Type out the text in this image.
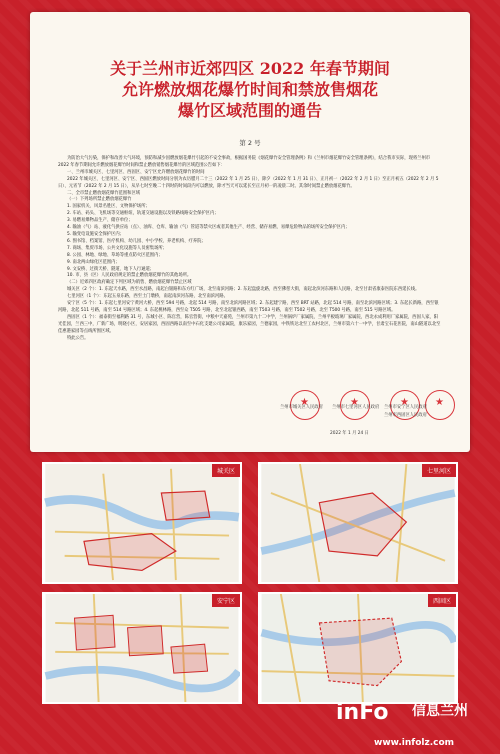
关于兰州市近郊四区 2022 年春节期间
允许燃放烟花爆竹时间和禁放售烟花
爆竹区域范围的通告
第 2 号

为防治大气污染，保护和改善大气环境，预防和减少因燃放烟花爆竹引起的不安全事故，根据国务院《烟花爆竹安全管理条例》和《兰州市烟花爆竹安全管理条例》，结合我市实际，现将兰州市 2022 年春节期间允许燃放烟花爆竹时间和禁止燃放销售烟花爆竹的区域范围公告如下：

一、兰州市城关区、七里河区、西固区、安宁区允许燃放烟花爆竹的时间

2022 年城关区、七里河区、安宁区、西固区燃放时间分别为农历腊月二十三（2022 年 1 月 25 日）、除夕（2022 年 1 月 31 日）、正月初一（2022 年 2 月 1 日）至正月初五（2022 年 2 月 5 日）、元宵节（2022 年 2 月 15 日），从早七时至晚二十四时的时间段内可以燃放，除才当天可以延长至正月初一的凌晨二时。其余时间禁止燃放烟花爆竹。

二、全市禁止燃放烟花爆竹范围和区域

（一）下列场所禁止燃放烟花爆竹

1. 国家机关、风景名胜区、文物保护场所；

2. 车站、码头、飞机场等交通枢纽，轨道交通设施以及铁路线路安全保护区内；

3. 易燃易爆物品生产、储存单位；

4. 输油（气）站、液化气供应站（点）、油库、仓库、输油（气）管道等禁火区或者其他生产、经营、储存易燃、易爆危险物品的场所安全保护区内；

5. 输变电设施安全保护区内；

6. 图书馆、档案馆、医疗机构、幼儿园、中小学校、养老机构、疗养院；

7. 商场、集贸市场、公共文化设施等人员密集场所；

8. 公园、林地、绿地、草场等重点防火区范围内；

9. 南北两山绿化区范围内；

9. 文安桥、过街天桥、隧道、地下人行通道；

10. 市、县（区）人民政府规定的禁止燃放烟花爆竹的其他场所。

（二）近郊四区政府确定下列区域为销售、燃放烟花爆竹禁止区域

城关区（2 个）：1. 东起天水路，西至水昌路，南起白银路和东方红广场，北至南滨河路；2. 东起盘旋北路，西至佛慈大街，南起北滨河东路和人民路，北至甘肃省康泰医院东西延长线。

七里河区（1 个）：东起五泉东路，西至土门墩桥，南起南滨河东路，北至南滨河路。

安宁区（5 个）：1. 东起七里河安宁黄河大桥，西至 594 号路，北起 514 号路，南至北滨河路区域；2. 东起建宁路，西至 BRT 站路，北起 514 号路，南至北滨河路区域；3. 东起长新路，西至银河路，北起 511 号路，南至 514 号路区域；4. 东起桃林路，西至众 T505 号路，北至北起银西路，南至 T503 号路，南至 T502 号路，北至 T500 号路，南至 515 号路区域。

西固区（1 个）：福泰街至福利路 31 号，东城小区、陈官营，陈官营街，中粮中天嘉苑，兰州市第九十二中学，兰州锅炉厂家属院，兰州平板玻璃厂家属院，西北永成利用厂家属院，西固人家，阳光佳园，兰西三中，广新广场，明晓小区，安居家园，西固西路以南至中石化支建公司家属院，康乐家园，兰德家园，中铁铁达北至工农村北区，兰州市第六十一中学，甘肃宝石花医院，南山隧道以北至佳惠港家园等点线所围区域。

特此公告。

★
★
★
★
兰州市城关区人民政府 兰州市七里河区人民政府 兰州市安宁区人民政府
兰州市西固区人民政府
2022 年 1 月 24 日
城关区	七里河区
安宁区	西固区
inFo 信息兰州
www.infolz.com
